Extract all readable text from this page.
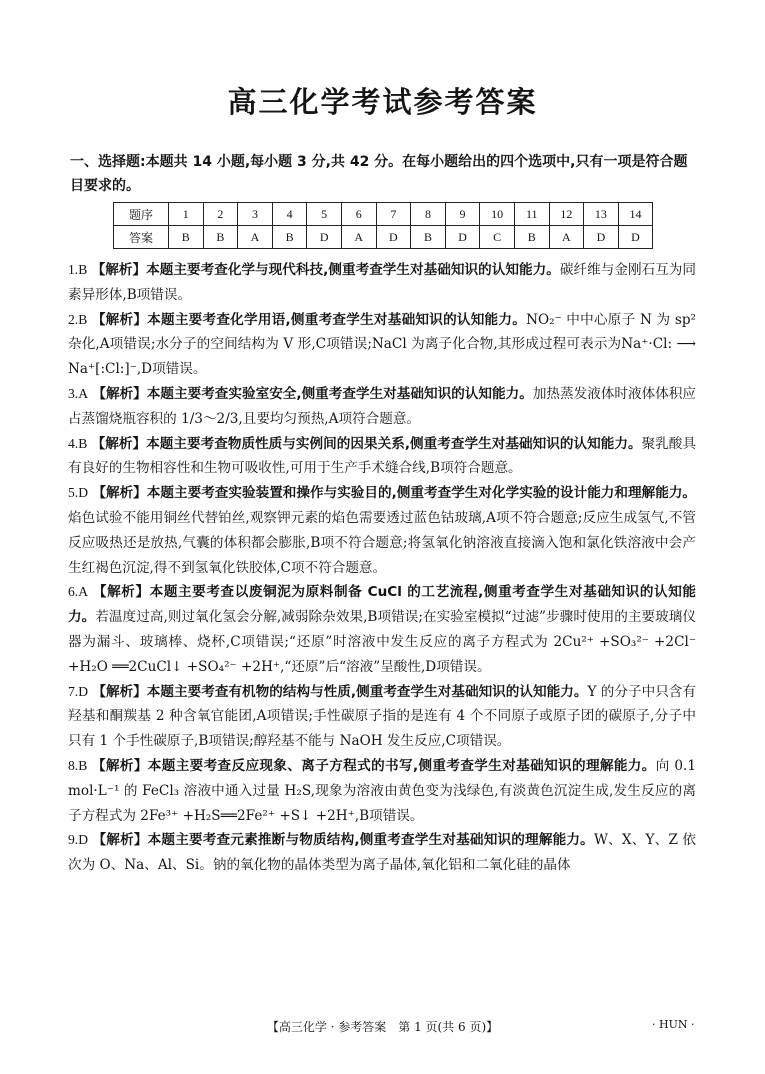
高三化学考试参考答案
一、选择题:本题共 14 小题,每小题 3 分,共 42 分。在每小题给出的四个选项中,只有一项是符合题目要求的。
题序	1	2	3	4	5	6	7	8	9	10	11	12	13	14
答案	B	B	A	B	D	A	D	B	D	C	B	A	D	D
1.B 【解析】本题主要考查化学与现代科技,侧重考查学生对基础知识的认知能力。碳纤维与金刚石互为同素异形体,B项错误。
2.B 【解析】本题主要考查化学用语,侧重考查学生对基础知识的认知能力。NO₂⁻ 中中心原子 N 为 sp² 杂化,A项错误;水分子的空间结构为 V 形,C项错误;NaCl 为离子化合物,其形成过程可表示为Na⁺·Cl: ⟶ Na⁺[:Cl:]⁻,D项错误。
3.A 【解析】本题主要考查实验室安全,侧重考查学生对基础知识的认知能力。加热蒸发液体时液体体积应占蒸馏烧瓶容积的 1/3～2/3,且要均匀预热,A项符合题意。
4.B 【解析】本题主要考查物质性质与实例间的因果关系,侧重考查学生对基础知识的认知能力。聚乳酸具有良好的生物相容性和生物可吸收性,可用于生产手术缝合线,B项符合题意。
5.D 【解析】本题主要考查实验装置和操作与实验目的,侧重考查学生对化学实验的设计能力和理解能力。焰色试验不能用铜丝代替铂丝,观察钾元素的焰色需要透过蓝色钴玻璃,A项不符合题意;反应生成氢气,不管反应吸热还是放热,气囊的体积都会膨胀,B项不符合题意;将氢氧化钠溶液直接滴入饱和氯化铁溶液中会产生红褐色沉淀,得不到氢氧化铁胶体,C项不符合题意。
6.A 【解析】本题主要考查以废铜泥为原料制备 CuCl 的工艺流程,侧重考查学生对基础知识的认知能力。若温度过高,则过氧化氢会分解,减弱除杂效果,B项错误;在实验室模拟“过滤”步骤时使用的主要玻璃仪器为漏斗、玻璃棒、烧杯,C项错误;“还原”时溶液中发生反应的离子方程式为 2Cu²⁺ +SO₃²⁻ +2Cl⁻ +H₂O ══2CuCl↓ +SO₄²⁻ +2H⁺,“还原”后“溶液”呈酸性,D项错误。
7.D 【解析】本题主要考查有机物的结构与性质,侧重考查学生对基础知识的认知能力。Y 的分子中只含有羟基和酮羰基 2 种含氧官能团,A项错误;手性碳原子指的是连有 4 个不同原子或原子团的碳原子,分子中只有 1 个手性碳原子,B项错误;醇羟基不能与 NaOH 发生反应,C项错误。
8.B 【解析】本题主要考查反应现象、离子方程式的书写,侧重考查学生对基础知识的理解能力。向 0.1 mol·L⁻¹ 的 FeCl₃ 溶液中通入过量 H₂S,现象为溶液由黄色变为浅绿色,有淡黄色沉淀生成,发生反应的离子方程式为 2Fe³⁺ +H₂S══2Fe²⁺ +S↓ +2H⁺,B项错误。
9.D 【解析】本题主要考查元素推断与物质结构,侧重考查学生对基础知识的理解能力。W、X、Y、Z 依次为 O、Na、Al、Si。钠的氧化物的晶体类型为离子晶体,氧化铝和二氧化硅的晶体
【高三化学 · 参考答案　第 1 页(共 6 页)】	· HUN ·
